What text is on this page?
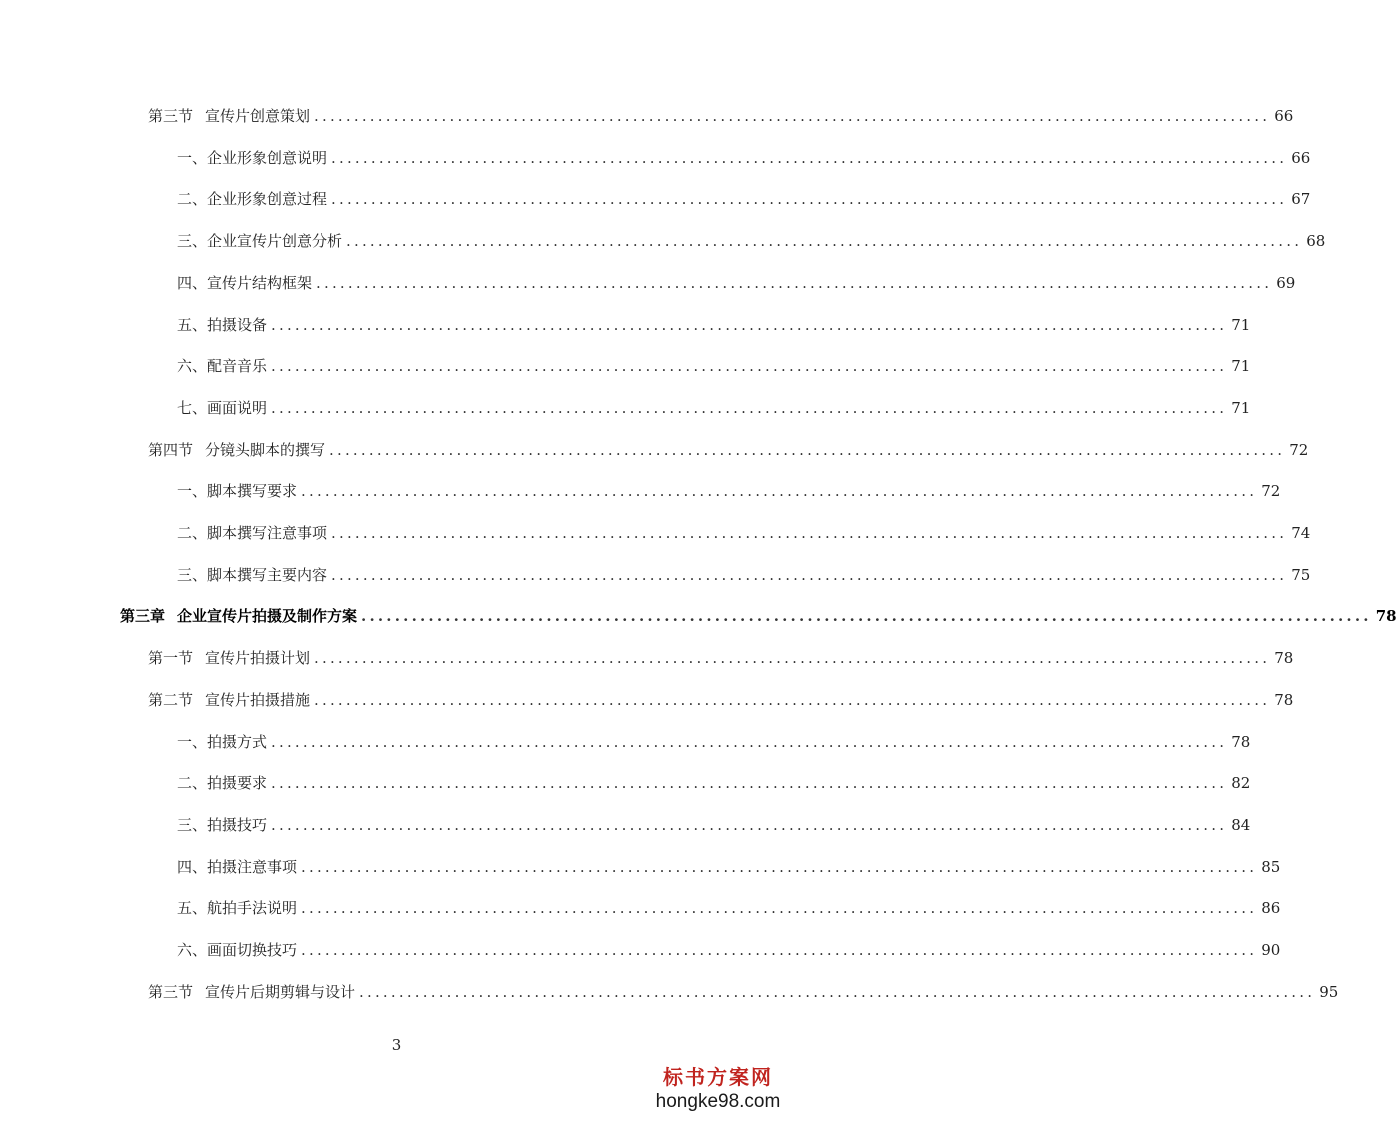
第三节 宣传片创意策划 ........................................................................................................................ 66
一、企业形象创意说明 ........................................................................................................................ 66
二、企业形象创意过程 ........................................................................................................................ 67
三、企业宣传片创意分析 ........................................................................................................................ 68
四、宣传片结构框架 ........................................................................................................................ 69
五、拍摄设备 ........................................................................................................................ 71
六、配音音乐 ........................................................................................................................ 71
七、画面说明 ........................................................................................................................ 71
第四节 分镜头脚本的撰写 ........................................................................................................................ 72
一、脚本撰写要求 ........................................................................................................................ 72
二、脚本撰写注意事项 ........................................................................................................................ 74
三、脚本撰写主要内容 ........................................................................................................................ 75
第三章 企业宣传片拍摄及制作方案 ........................................................................................................................ 78
第一节 宣传片拍摄计划 ........................................................................................................................ 78
第二节 宣传片拍摄措施 ........................................................................................................................ 78
一、拍摄方式 ........................................................................................................................ 78
二、拍摄要求 ........................................................................................................................ 82
三、拍摄技巧 ........................................................................................................................ 84
四、拍摄注意事项 ........................................................................................................................ 85
五、航拍手法说明 ........................................................................................................................ 86
六、画面切换技巧 ........................................................................................................................ 90
第三节 宣传片后期剪辑与设计 ........................................................................................................................ 95
3
标书方案网
hongke98.com
